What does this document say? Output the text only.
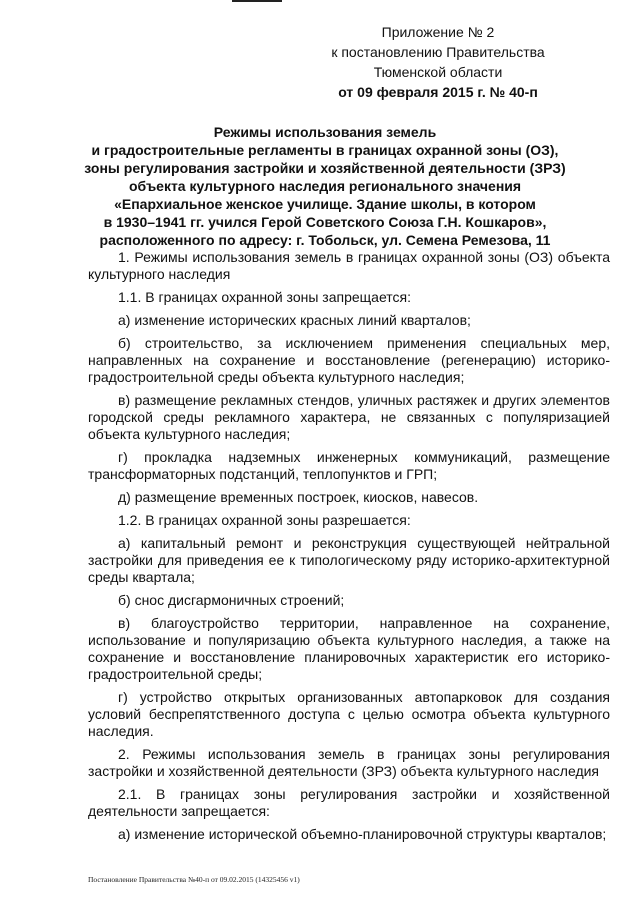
Приложение № 2
к постановлению Правительства
Тюменской области
от 09 февраля 2015 г. № 40-п
Режимы использования земель
и градостроительные регламенты в границах охранной зоны (ОЗ),
зоны регулирования застройки и хозяйственной деятельности (ЗРЗ)
объекта культурного наследия регионального значения
«Епархиальное женское училище. Здание школы, в котором
в 1930–1941 гг. учился Герой Советского Союза Г.Н. Кошкаров»,
расположенного по адресу: г. Тобольск, ул. Семена Ремезова, 11

1. Режимы использования земель в границах охранной зоны (ОЗ) объекта культурного наследия

1.1. В границах охранной зоны запрещается:

а) изменение исторических красных линий кварталов;

б) строительство, за исключением применения специальных мер, направленных на сохранение и восстановление (регенерацию) историко-градостроительной среды объекта культурного наследия;

в) размещение рекламных стендов, уличных растяжек и других элементов городской среды рекламного характера, не связанных с популяризацией объекта культурного наследия;

г) прокладка надземных инженерных коммуникаций, размещение трансформаторных подстанций, теплопунктов и ГРП;

д) размещение временных построек, киосков, навесов.

1.2. В границах охранной зоны разрешается:

а) капитальный ремонт и реконструкция существующей нейтральной застройки для приведения ее к типологическому ряду историко-архитектурной среды квартала;

б) снос дисгармоничных строений;

в) благоустройство территории, направленное на сохранение, использование и популяризацию объекта культурного наследия, а также на сохранение и восстановление планировочных характеристик его историко-градостроительной среды;

г) устройство открытых организованных автопарковок для создания условий беспрепятственного доступа с целью осмотра объекта культурного наследия.

2. Режимы использования земель в границах зоны регулирования застройки и хозяйственной деятельности (ЗРЗ) объекта культурного наследия

2.1. В границах зоны регулирования застройки и хозяйственной деятельности запрещается:

а) изменение исторической объемно-планировочной структуры кварталов;

Постановление Правительства №40-п от 09.02.2015 (14325456 v1)
